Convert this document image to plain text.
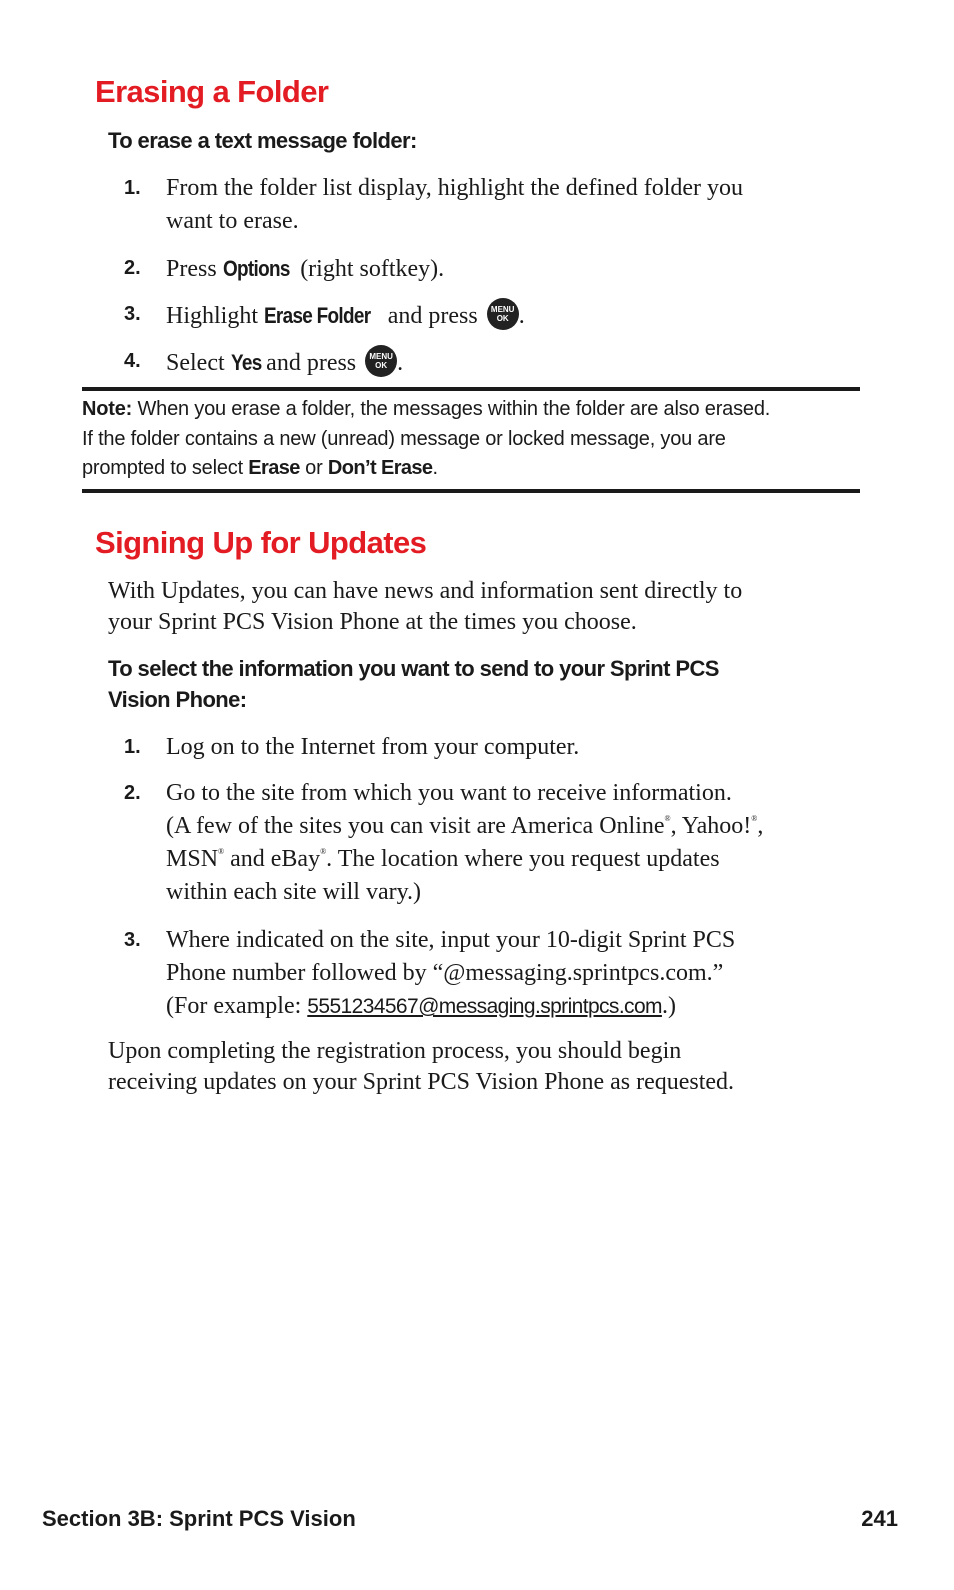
Erasing a Folder
To erase a text message folder:
1. From the folder list display, highlight the defined folder you
want to erase.
2. Press Options (right softkey).
3. Highlight Erase Folder and press MENU
OK .
4. Select Yes and press MENU
OK .
Note: When you erase a folder, the messages within the folder are also erased.
If the folder contains a new (unread) message or locked message, you are
prompted to select Erase or Don’t Erase.
Signing Up for Updates

With Updates, you can have news and information sent directly to
your Sprint PCS Vision Phone at the times you choose.

To select the information you want to send to your Sprint PCS
Vision Phone:
1. Log on to the Internet from your computer.
2. Go to the site from which you want to receive information.
(A few of the sites you can visit are America Online®, Yahoo!®,
MSN® and eBay®. The location where you request updates
within each site will vary.)
3. Where indicated on the site, input your 10-digit Sprint PCS
Phone number followed by “@messaging.sprintpcs.com.”
(For example: 5551234567@messaging.sprintpcs.com.)

Upon completing the registration process, you should begin
receiving updates on your Sprint PCS Vision Phone as requested.

Section 3B: Sprint PCS Vision	241
